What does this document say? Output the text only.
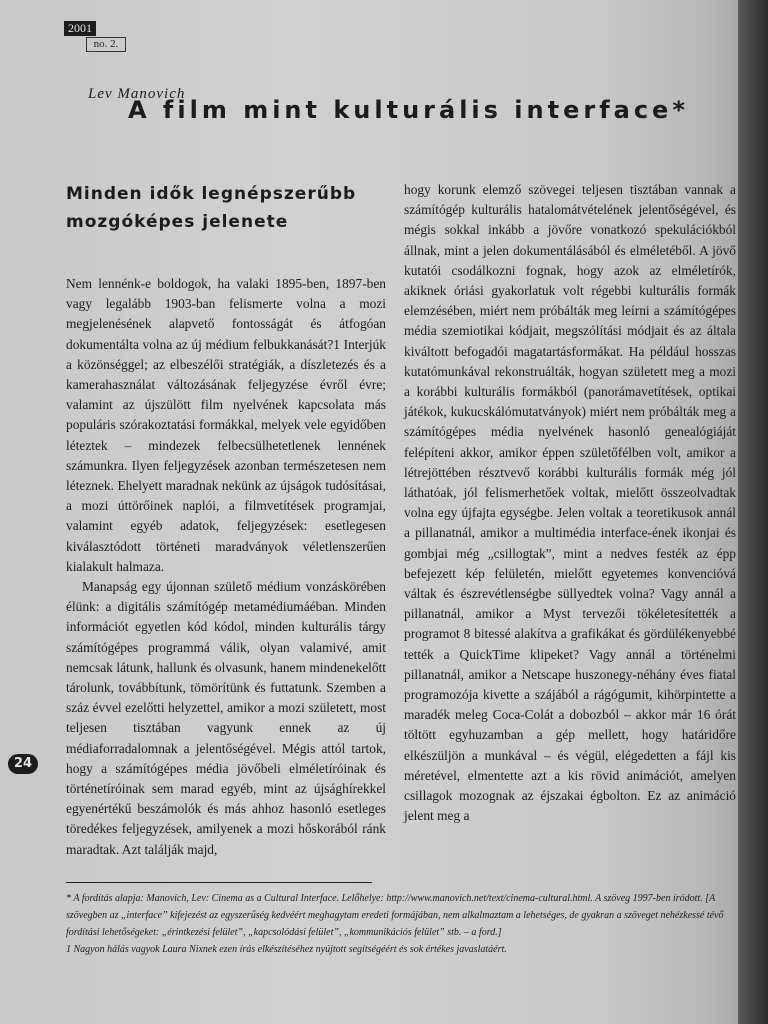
2001
no. 2.
Lev Manovich
A film mint kulturális interface*
Minden idők legnépszerűbb mozgóképes jelenete

Nem lennénk-e boldogok, ha valaki 1895-ben, 1897-ben vagy legalább 1903-ban felismerte volna a mozi megjelenésének alapvető fontosságát és átfogóan dokumentálta volna az új médium felbukkanását?1 Interjúk a közönséggel; az elbeszélői stratégiák, a díszletezés és a kamerahasználat változásának feljegyzése évről évre; valamint az újszülött film nyelvének kapcsolata más populáris szórakoztatási formákkal, melyek vele egyidőben léteztek – mindezek felbecsülhetetlenek lennének számunkra. Ilyen feljegyzések azonban természetesen nem léteznek. Ehelyett maradnak nekünk az újságok tudósításai, a mozi úttörőinek naplói, a filmvetítések programjai, valamint egyéb adatok, feljegyzések: esetlegesen kiválasztódott történeti maradványok véletlenszerűen kialakult halmaza.

Manapság egy újonnan születő médium vonzáskörében élünk: a digitális számítógép metamédiumáéban. Minden információt egyetlen kód kódol, minden kulturális tárgy számítógépes programmá válik, olyan valamivé, amit nemcsak látunk, hallunk és olvasunk, hanem mindenekelőtt tárolunk, továbbítunk, tömörítünk és futtatunk. Szemben a száz évvel ezelőtti helyzettel, amikor a mozi született, most teljesen tisztában vagyunk ennek az új médiaforradalomnak a jelentőségével. Mégis attól tartok, hogy a számítógépes média jövőbeli elméletíróinak és történetíróinak sem marad egyéb, mint az újsághírekkel egyenértékű beszámolók és más ahhoz hasonló esetleges töredékes feljegyzések, amilyenek a mozi hőskorából ránk maradtak. Azt találják majd,

hogy korunk elemző szövegei teljesen tisztában vannak a számítógép kulturális hatalomátvételének jelentőségével, és mégis sokkal inkább a jövőre vonatkozó spekulációkból állnak, mint a jelen dokumentálásából és elméletéből. A jövő kutatói csodálkozni fognak, hogy azok az elméletírók, akiknek óriási gyakorlatuk volt régebbi kulturális formák elemzésében, miért nem próbálták meg leírni a számítógépes média szemiotikai kódjait, megszólítási módjait és az általa kiváltott befogadói magatartásformákat. Ha például hosszas kutatómunkával rekonstruálták, hogyan született meg a mozi a korábbi kulturális formákból (panorámavetítések, optikai játékok, kukucskálómutatványok) miért nem próbálták meg a számítógépes média nyelvének hasonló genealógiáját felépíteni akkor, amikor éppen születőfélben volt, amikor a létrejöttében résztvevő korábbi kulturális formák még jól láthatóak, jól felismerhetőek voltak, mielőtt összeolvadtak volna egy újfajta egységbe. Jelen voltak a teoretikusok annál a pillanatnál, amikor a multimédia interface-ének ikonjai és gombjai még „csillogtak”, mint a nedves festék az épp befejezett kép felületén, mielőtt egyetemes konvencióvá váltak és észrevétlenségbe süllyedtek volna? Vagy annál a pillanatnál, amikor a Myst tervezői tökéletesítették a programot 8 bitessé alakítva a grafikákat és gördülékenyebbé tették a QuickTime klipeket? Vagy annál a történelmi pillanatnál, amikor a Netscape huszonegy-néhány éves fiatal programozója kivette a szájából a rágógumit, kihörpintette a maradék meleg Coca-Colát a dobozból – akkor már 16 órát töltött egyhuzamban a gép mellett, hogy határidőre elkészüljön a munkával – és végül, elégedetten a fájl kis méretével, elmentette azt a kis rövid animációt, amelyen csillagok mozognak az éjszakai égbolton. Ez az animáció jelent meg a

24

* A fordítás alapja: Manovich, Lev: Cinema as a Cultural Interface. Lelőhelye: http://www.manovich.net/text/cinema-cultural.html. A szöveg 1997-ben íródott. [A szövegben az „interface” kifejezést az egyszerűség kedvéért meghagytam eredeti formájában, nem alkalmaztam a lehetséges, de gyakran a szöveget nehézkessé tévő fordítási lehetőségeket: „érintkezési felület”, „kapcsolódási felület”, „kommunikációs felület” stb. – a ford.]

1 Nagyon hálás vagyok Laura Nixnek ezen írás elkészítéséhez nyújtott segítségéért és sok értékes javaslatáért.
